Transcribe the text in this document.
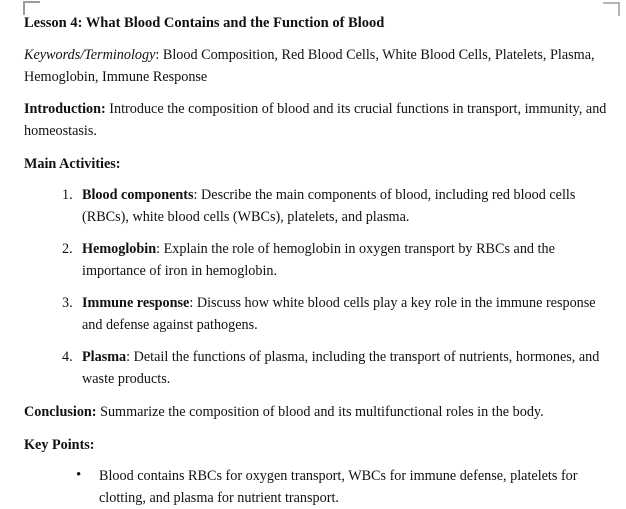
Lesson 4: What Blood Contains and the Function of Blood

Keywords/Terminology: Blood Composition, Red Blood Cells, White Blood Cells, Platelets, Plasma, Hemoglobin, Immune Response

Introduction: Introduce the composition of blood and its crucial functions in transport, immunity, and homeostasis.

Main Activities:

Blood components: Describe the main components of blood, including red blood cells (RBCs), white blood cells (WBCs), platelets, and plasma.
Hemoglobin: Explain the role of hemoglobin in oxygen transport by RBCs and the importance of iron in hemoglobin.
Immune response: Discuss how white blood cells play a key role in the immune response and defense against pathogens.
Plasma: Detail the functions of plasma, including the transport of nutrients, hormones, and waste products.

Conclusion: Summarize the composition of blood and its multifunctional roles in the body.

Key Points:

• Blood contains RBCs for oxygen transport, WBCs for immune defense, platelets for clotting, and plasma for nutrient transport.
